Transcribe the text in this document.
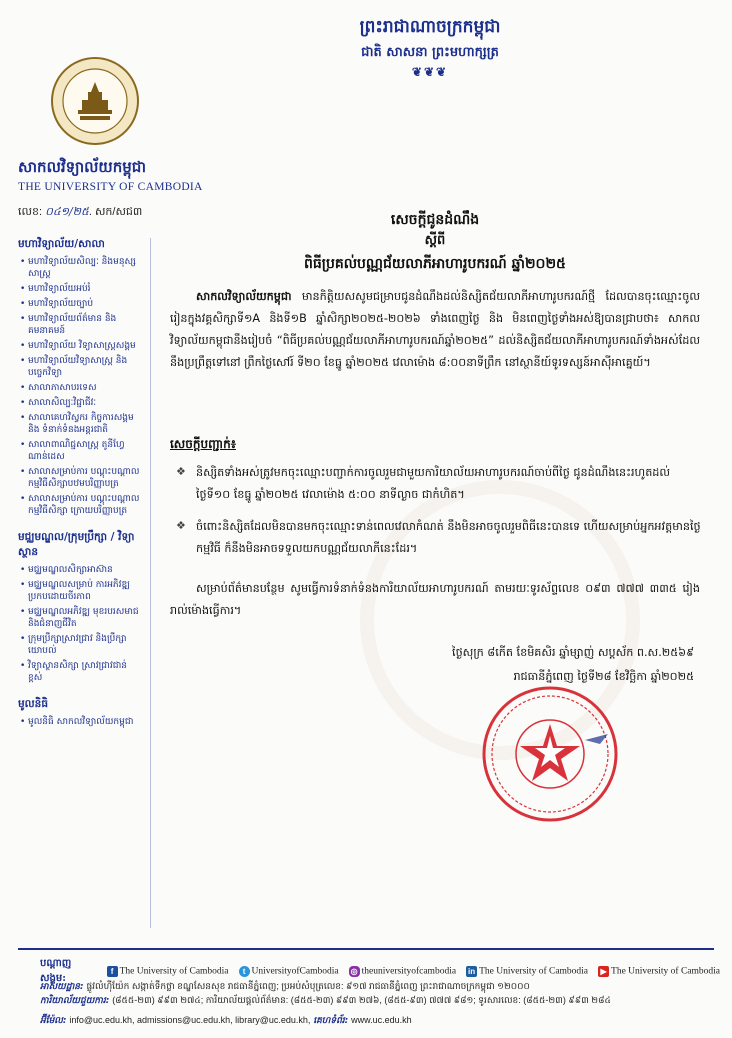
ព្រះរាជាណាចក្រកម្ពុជា
ជាតិ សាសនា ព្រះមហាក្សត្រ
❦❦❦
សាកលវិទ្យាល័យកម្ពុជា
THE UNIVERSITY OF CAMBODIA
លេខ: ០៤១/២៥. សក/សជ៣
មហាវិទ្យាល័យ/សាលា
• មហាវិទ្យាល័យសិល្បៈ និងមនុស្សសាស្ត្រ
• មហាវិទ្យាល័យអប់រំ
• មហាវិទ្យាល័យច្បាប់
• មហាវិទ្យាល័យព័ត៌មាន និងគមនាគមន៍
• មហាវិទ្យាល័យ វិទ្យាសាស្ត្រសង្គម
• មហាវិទ្យាល័យវិទ្យាសាស្ត្រ និងបច្ចេកវិទ្យា
• សាលាភាសាបរទេស
• សាលាសិល្បៈវិជ្ជាជីវៈ
• សាលាគេហវិស្វករ កិច្ចការសង្គម និង ទំនាក់ទំនងអន្តរជាតិ
• សាលាពាណិជ្ជសាស្ត្រ តូនីហ្វែណាន់ដេស
• សាលាសម្រាប់ការ បណ្តុះបណ្តាល កម្មវិធីសិក្សាបឋមបរិញ្ញាបត្រ
• សាលាសម្រាប់ការ បណ្តុះបណ្តាលកម្មវិធីសិក្សា ក្រោយបរិញ្ញាបត្រ
មជ្ឈមណ្ឌល/ក្រុមប្រឹក្សា / វិទ្យាស្ថាន
• មជ្ឈមណ្ឌលសិក្សាអាស៊ាន
• មជ្ឈមណ្ឌលសម្រាប់ ការអភិវឌ្ឍ ប្រកបដោយចីរភាព
• មជ្ឈមណ្ឌលអភិវឌ្ឍ មុខរបរសមាជ និងជំនាញជីវិត
• ក្រុមប្រឹក្សាស្រាវជ្រាវ និងប្រឹក្សាយោបល់
• វិទ្យាស្ថានសិក្សា ស្រាវជ្រាវជាន់ខ្ពស់
មូលនិធិ
• មូលនិធិ សាកលវិទ្យាល័យកម្ពុជា
សេចក្តីជូនដំណឹង
ស្តីពី
ពិធីប្រគល់បណ្ណជ័យលាភីអាហារូបករណ៍ ឆ្នាំ២០២៥
សាកលវិទ្យាល័យកម្ពុជា មានកិត្តិយសសូមជម្រាបជូនដំណឹងដល់និស្សិតជ័យលាភីអាហារូបករណ៍ថ្មី ដែលបានចុះឈ្មោះចូលរៀនក្នុងវគ្គសិក្សាទី១A និងទី១B ឆ្នាំសិក្សា២០២៥-២០២៦ ទាំងពេញថ្ងៃ និង មិនពេញថ្ងៃទាំងអស់ឱ្យបានជ្រាបថា៖ សាកលវិទ្យាល័យកម្ពុជានឹងរៀបចំ “ពិធីប្រគល់បណ្ណជ័យលាភីអាហារូបករណ៍ឆ្នាំ២០២៥” ដល់និស្សិតជ័យលាភីអាហារូបករណ៍ទាំងអស់ដែលនឹងប្រព្រឹត្តទៅនៅ ព្រឹកថ្ងៃសៅរ៍ ទី២០ ខែធ្នូ ឆ្នាំ២០២៥ វេលាម៉ោង ៨:០០នាទីព្រឹក នៅស្ថានីយ៍ទូរទស្សន៍អាស៊ីអាគ្នេយ៍។
សេចក្តីបញ្ជាក់៖
❖ និស្សិតទាំងអស់ត្រូវមកចុះឈ្មោះបញ្ជាក់ការចូលរួមជាមួយការិយាល័យអាហារូបករណ៍ចាប់ពីថ្ងៃ ជូនដំណឹងនេះរហូតដល់ថ្ងៃទី១០ ខែធ្នូ ឆ្នាំ២០២៥ វេលាម៉ោង ៥:០០ នាទីល្ងាច ជាកំហិត។
❖ ចំពោះនិស្សិតដែលមិនបានមកចុះឈ្មោះទាន់ពេលវេលាកំណត់ នឹងមិនអាចចូលរួមពិធីនេះបានទេ ហើយសម្រាប់អ្នកអវត្តមានថ្ងៃកម្មវិធី ក៏នឹងមិនអាចទទួលយកបណ្ណជ័យលាភីនេះដែរ។
សម្រាប់ព័ត៌មានបន្ថែម សូមធ្វើការទំនាក់ទំនងការិយាល័យអាហារូបករណ៍ តាមរយៈទូរស័ព្ទលេខ ០៩៣ ៧៧៧ ៣៣៥ រៀងរាល់ម៉ោងធ្វើការ។
ថ្ងៃសុក្រ ៨កើត ខែមិគសិរ ឆ្នាំម្សាញ់ សប្តស័ក ព.ស.២៥៦៩
រាជធានីភ្នំពេញ ថ្ងៃទី២៨ ខែវិច្ឆិកា ឆ្នាំ២០២៥
បណ្តាញសង្គម:
f The University of Cambodia	t UniversityofCambodia ◎ theuniversityofcambodia in The University of Cambodia	▶ The University of Cambodia
អាសយដ្ឋាន: ផ្លូវលំហ៊ីយ៉ែក សង្កាត់ទឹកថ្លា ខណ្ឌសែនសុខ រាជធានីភ្នំពេញ; ប្រអប់សំបុត្រលេខ: ៩១៧ រាជធានីភ្នំពេញ ព្រះរាជាណាចក្រកម្ពុជា ១២០០០
ការិយាល័យជួយការ: (៨៥៥-២៣) ៩៩៣ ២៧៤; ការិយាល័យផ្តល់ព័ត៌មាន: (៨៥៥-២៣) ៩៩៣ ២៧៦, (៨៥៥-៩៣) ៧៧៧ ៩៨១; ទូរសារលេខ: (៨៥៥-២៣) ៩៩៣ ២៨៤
អ៊ីម៉ែល: info@uc.edu.kh, admissions@uc.edu.kh, library@uc.edu.kh, គេហទំព័រ: www.uc.edu.kh
